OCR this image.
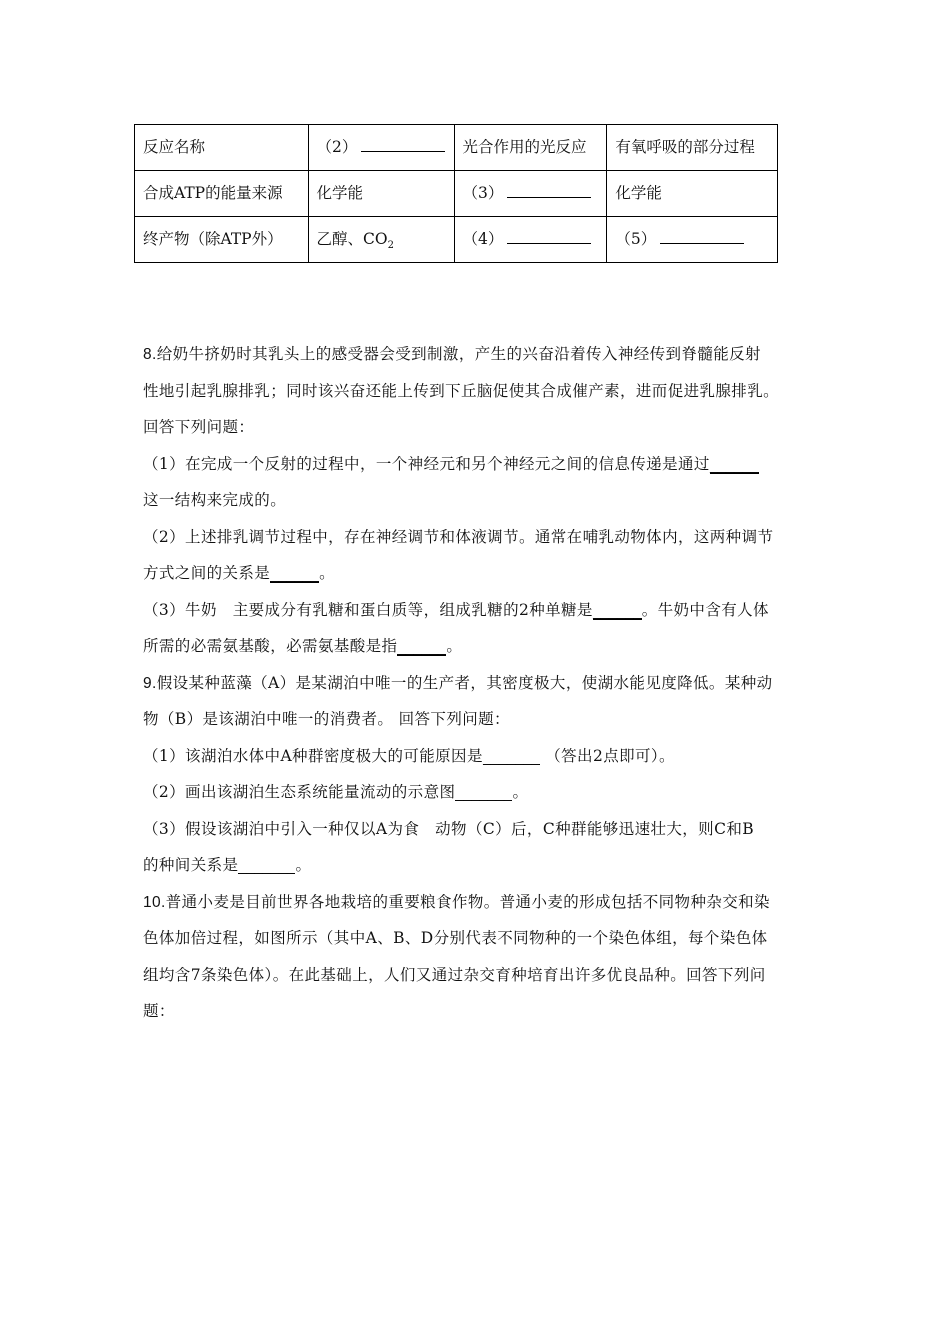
反应名称	（2）	光合作用的光反应	有氧呼吸的部分过程
合成ATP的能量来源	化学能	（3）	化学能
终产物（除ATP外）	乙醇、$CO_2$	（4）	（5）
8.给奶牛挤奶时其乳头上的感受器会受到制激，产生的兴奋沿着传入神经传到脊髓能反射
性地引起乳腺排乳；同时该兴奋还能上传到下丘脑促使其合成催产素，进而促进乳腺排乳。
回答下列问题：
（1）在完成一个反射的过程中，一个神经元和另个神经元之间的信息传递是通过______
这一结构来完成的。
（2）上述排乳调节过程中，存在神经调节和体液调节。通常在哺乳动物体内，这两种调节
方式之间的关系是______。
（3）牛奶　主要成分有乳糖和蛋白质等，组成乳糖的2种单糖是______。牛奶中含有人体
所需的必需氨基酸，必需氨基酸是指______。
9.假设某种蓝藻（A）是某湖泊中唯一的生产者，其密度极大，使湖水能见度降低。某种动
物（B）是该湖泊中唯一的消费者。 回答下列问题：
（1）该湖泊水体中A种群密度极大的可能原因是_______ （答出2点即可）。
（2）画出该湖泊生态系统能量流动的示意图_______。
（3）假设该湖泊中引入一种仅以A为食　动物（C）后，C种群能够迅速壮大，则C和B
的种间关系是_______。
10.普通小麦是目前世界各地栽培的重要粮食作物。普通小麦的形成包括不同物种杂交和染
色体加倍过程，如图所示（其中A、B、D分别代表不同物种的一个染色体组，每个染色体
组均含7条染色体）。在此基础上，人们又通过杂交育种培育出许多优良品种。回答下列问
题：
